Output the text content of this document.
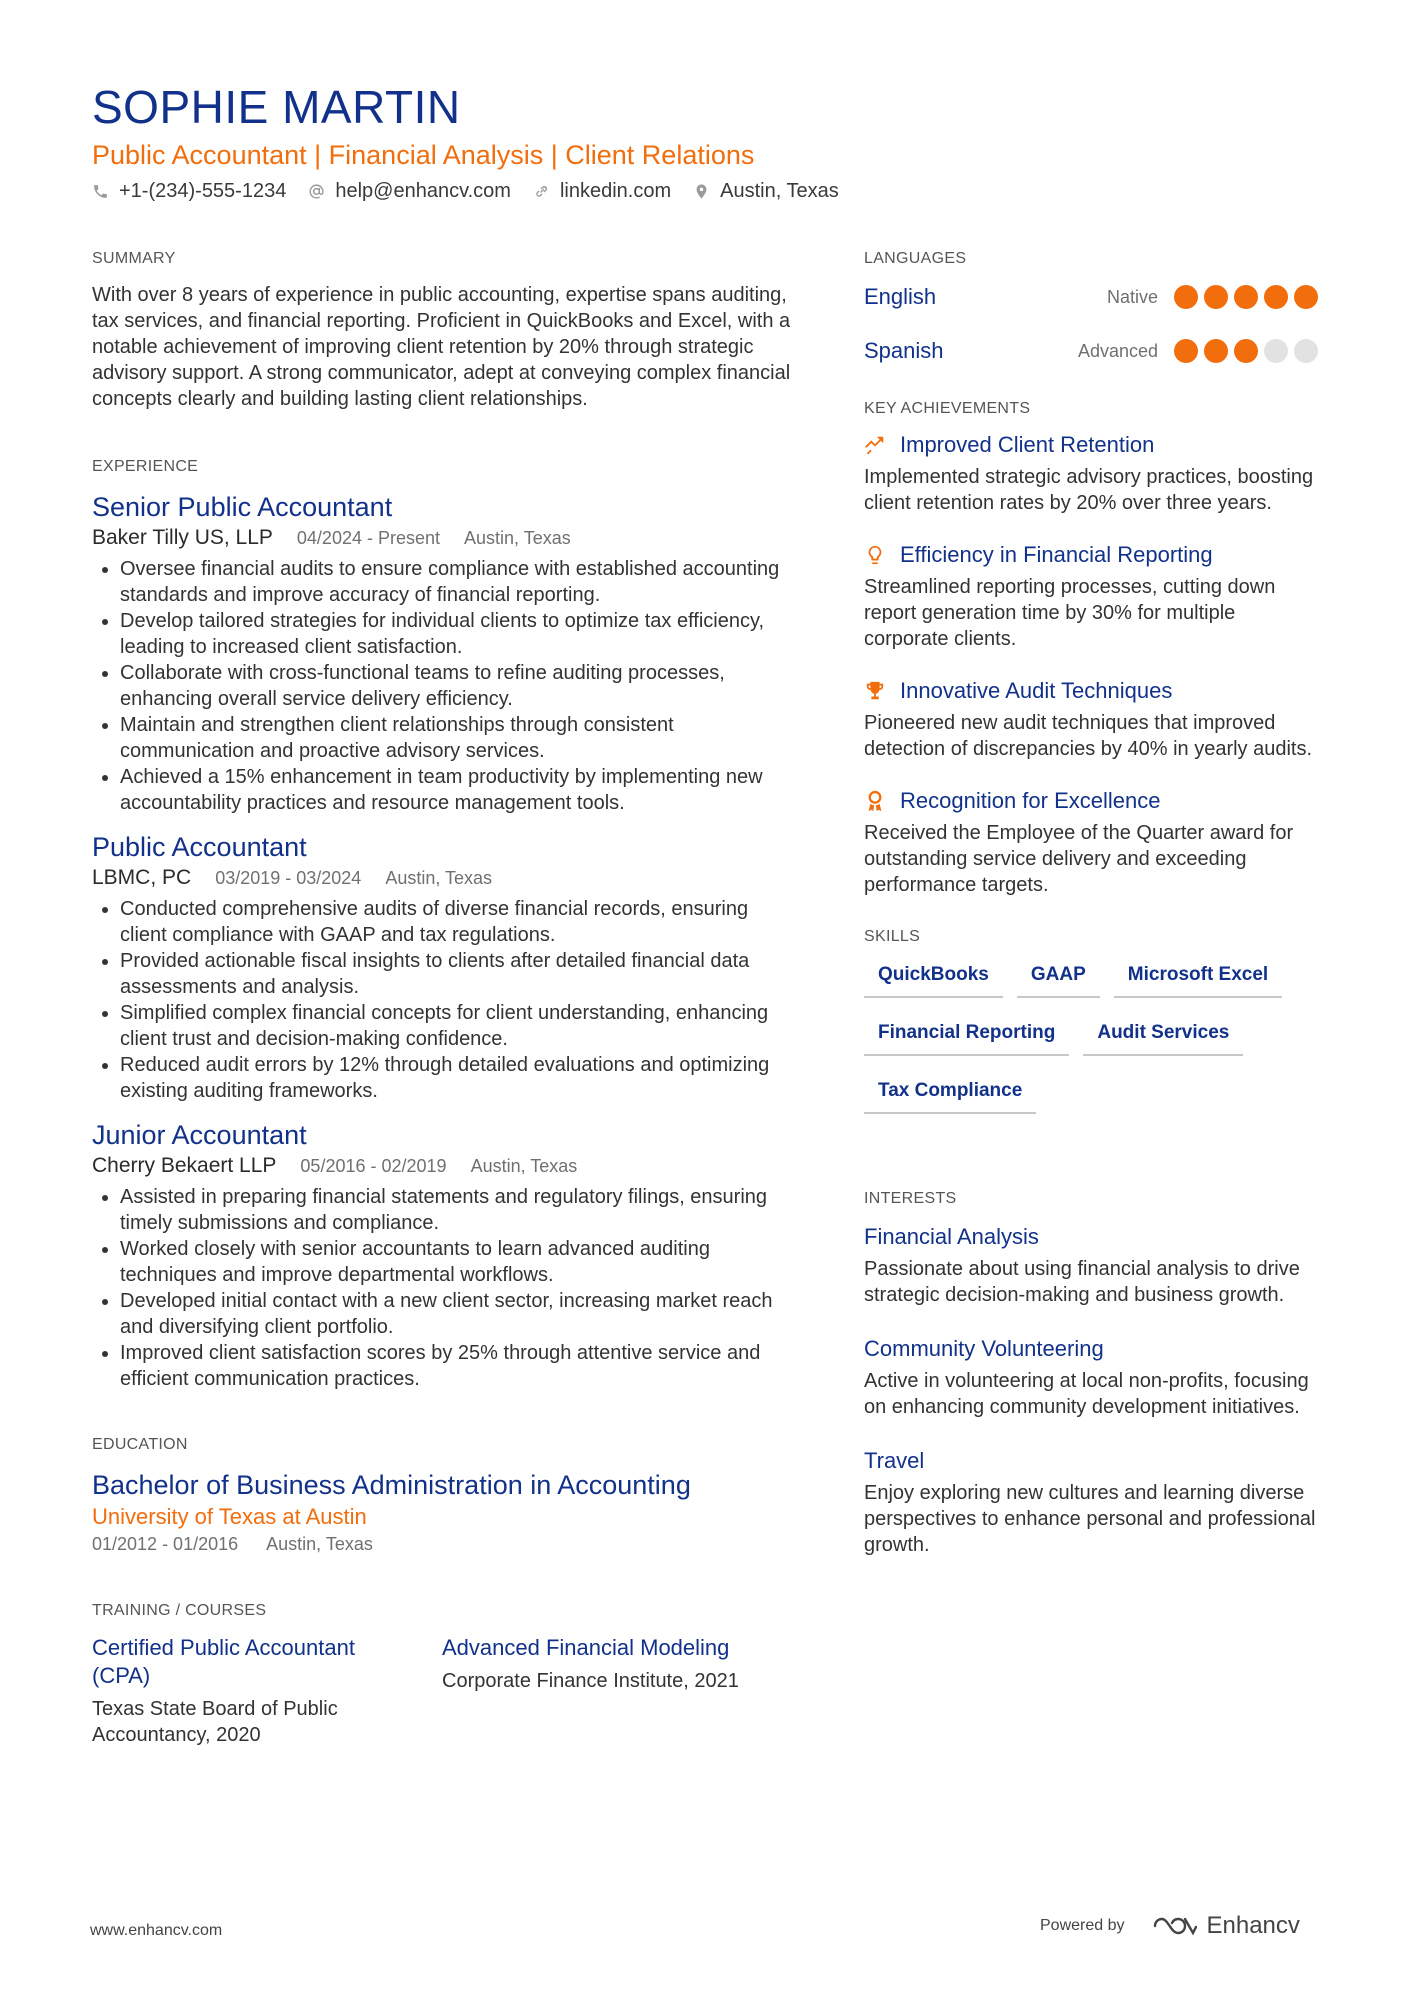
SOPHIE MARTIN
Public Accountant | Financial Analysis | Client Relations
+1-(234)-555-1234 help@enhancv.com linkedin.com Austin, Texas
SUMMARY
With over 8 years of experience in public accounting, expertise spans auditing, tax services, and financial reporting. Proficient in QuickBooks and Excel, with a notable achievement of improving client retention by 20% through strategic advisory support. A strong communicator, adept at conveying complex financial concepts clearly and building lasting client relationships.
EXPERIENCE
Senior Public Accountant
Baker Tilly US, LLP 04/2024 - Present Austin, Texas
• Oversee financial audits to ensure compliance with established accounting standards and improve accuracy of financial reporting.
• Develop tailored strategies for individual clients to optimize tax efficiency, leading to increased client satisfaction.
• Collaborate with cross-functional teams to refine auditing processes, enhancing overall service delivery efficiency.
• Maintain and strengthen client relationships through consistent communication and proactive advisory services.
• Achieved a 15% enhancement in team productivity by implementing new accountability practices and resource management tools.
Public Accountant
LBMC, PC 03/2019 - 03/2024 Austin, Texas
• Conducted comprehensive audits of diverse financial records, ensuring client compliance with GAAP and tax regulations.
• Provided actionable fiscal insights to clients after detailed financial data assessments and analysis.
• Simplified complex financial concepts for client understanding, enhancing client trust and decision-making confidence.
• Reduced audit errors by 12% through detailed evaluations and optimizing existing auditing frameworks.
Junior Accountant
Cherry Bekaert LLP 05/2016 - 02/2019 Austin, Texas
• Assisted in preparing financial statements and regulatory filings, ensuring timely submissions and compliance.
• Worked closely with senior accountants to learn advanced auditing techniques and improve departmental workflows.
• Developed initial contact with a new client sector, increasing market reach and diversifying client portfolio.
• Improved client satisfaction scores by 25% through attentive service and efficient communication practices.
EDUCATION
Bachelor of Business Administration in Accounting
University of Texas at Austin
01/2012 - 01/2016 Austin, Texas
TRAINING / COURSES
Certified Public Accountant (CPA)
Texas State Board of Public Accountancy, 2020
Advanced Financial Modeling
Corporate Finance Institute, 2021
LANGUAGES
English	Native
Spanish	Advanced
KEY ACHIEVEMENTS
Improved Client Retention
Implemented strategic advisory practices, boosting client retention rates by 20% over three years.
Efficiency in Financial Reporting
Streamlined reporting processes, cutting down report generation time by 30% for multiple corporate clients.
Innovative Audit Techniques
Pioneered new audit techniques that improved detection of discrepancies by 40% in yearly audits.
Recognition for Excellence
Received the Employee of the Quarter award for outstanding service delivery and exceeding performance targets.
SKILLS
QuickBooks	GAAP	Microsoft Excel
Financial Reporting	Audit Services
Tax Compliance
INTERESTS
Financial Analysis
Passionate about using financial analysis to drive strategic decision-making and business growth.
Community Volunteering
Active in volunteering at local non-profits, focusing on enhancing community development initiatives.
Travel
Enjoy exploring new cultures and learning diverse perspectives to enhance personal and professional growth.
www.enhancv.com	Powered by	Enhancv
